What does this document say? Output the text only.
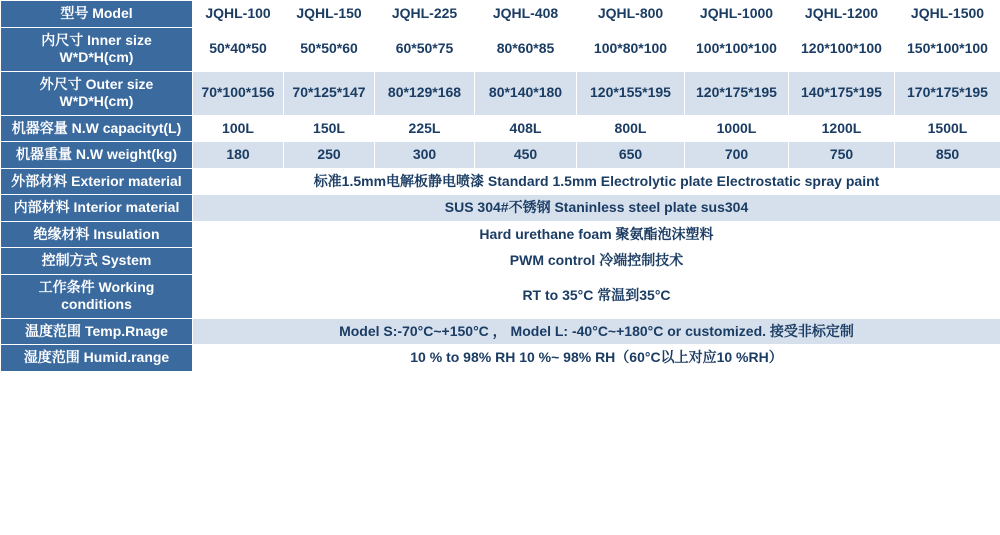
型号 Model	JQHL-100	JQHL-150	JQHL-225	JQHL-408	JQHL-800	JQHL-1000	JQHL-1200	JQHL-1500
内尺寸 Inner size W*D*H(cm)	50*40*50	50*50*60	60*50*75	80*60*85	100*80*100	100*100*100	120*100*100	150*100*100
外尺寸 Outer size W*D*H(cm)	70*100*156	70*125*147	80*129*168	80*140*180	120*155*195	120*175*195	140*175*195	170*175*195
机器容量 N.W capacityt(L)	100L	150L	225L	408L	800L	1000L	1200L	1500L
机器重量 N.W weight(kg)	180	250	300	450	650	700	750	850
外部材料 Exterior material	标准1.5mm电解板静电喷漆 Standard 1.5mm Electrolytic plate Electrostatic spray paint							
内部材料 Interior material	SUS 304#不锈钢 Staninless steel plate sus304							
绝缘材料 Insulation	Hard urethane foam 聚氨酯泡沫塑料							
控制方式 System	PWM control 冷端控制技术							
工作条件 Working conditions	RT to 35°C 常温到35°C							
温度范围 Temp.Rnage	Model S:-70°C~+150°C ， Model L: -40°C~+180°C or customized. 接受非标定制							
湿度范围 Humid.range	10 % to 98% RH 10 %~ 98% RH（60°C以上对应10 %RH）							
